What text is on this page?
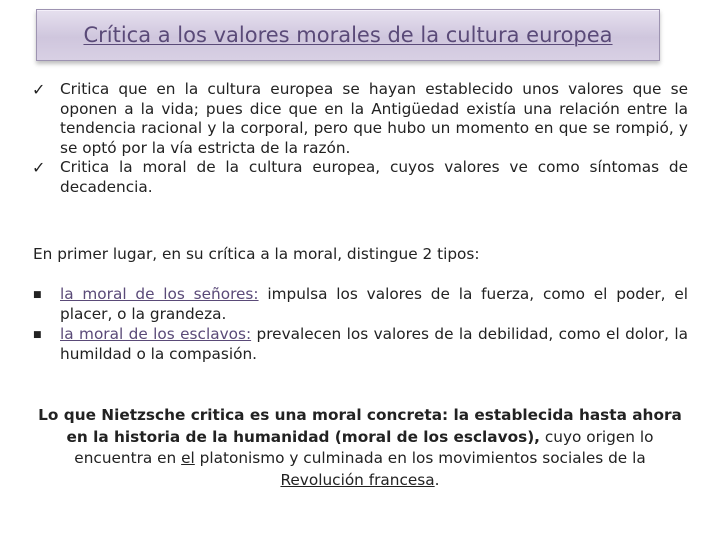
Crítica a los valores morales de la cultura europea
✓ Critica que en la cultura europea se hayan establecido unos valores que se oponen a la vida; pues dice que en la Antigüedad existía una relación entre la tendencia racional y la corporal, pero que hubo un momento en que se rompió, y se optó por la vía estricta de la razón.
✓ Critica la moral de la cultura europea, cuyos valores ve como síntomas de decadencia.
En primer lugar, en su crítica a la moral, distingue 2 tipos:
■ la moral de los señores: impulsa los valores de la fuerza, como el poder, el placer, o la grandeza.
■ la moral de los esclavos: prevalecen los valores de la debilidad, como el dolor, la humildad o la compasión.
Lo que Nietzsche critica es una moral concreta: la establecida hasta ahora en la historia de la humanidad (moral de los esclavos), cuyo origen lo encuentra en el platonismo y culminada en los movimientos sociales de la Revolución francesa.
